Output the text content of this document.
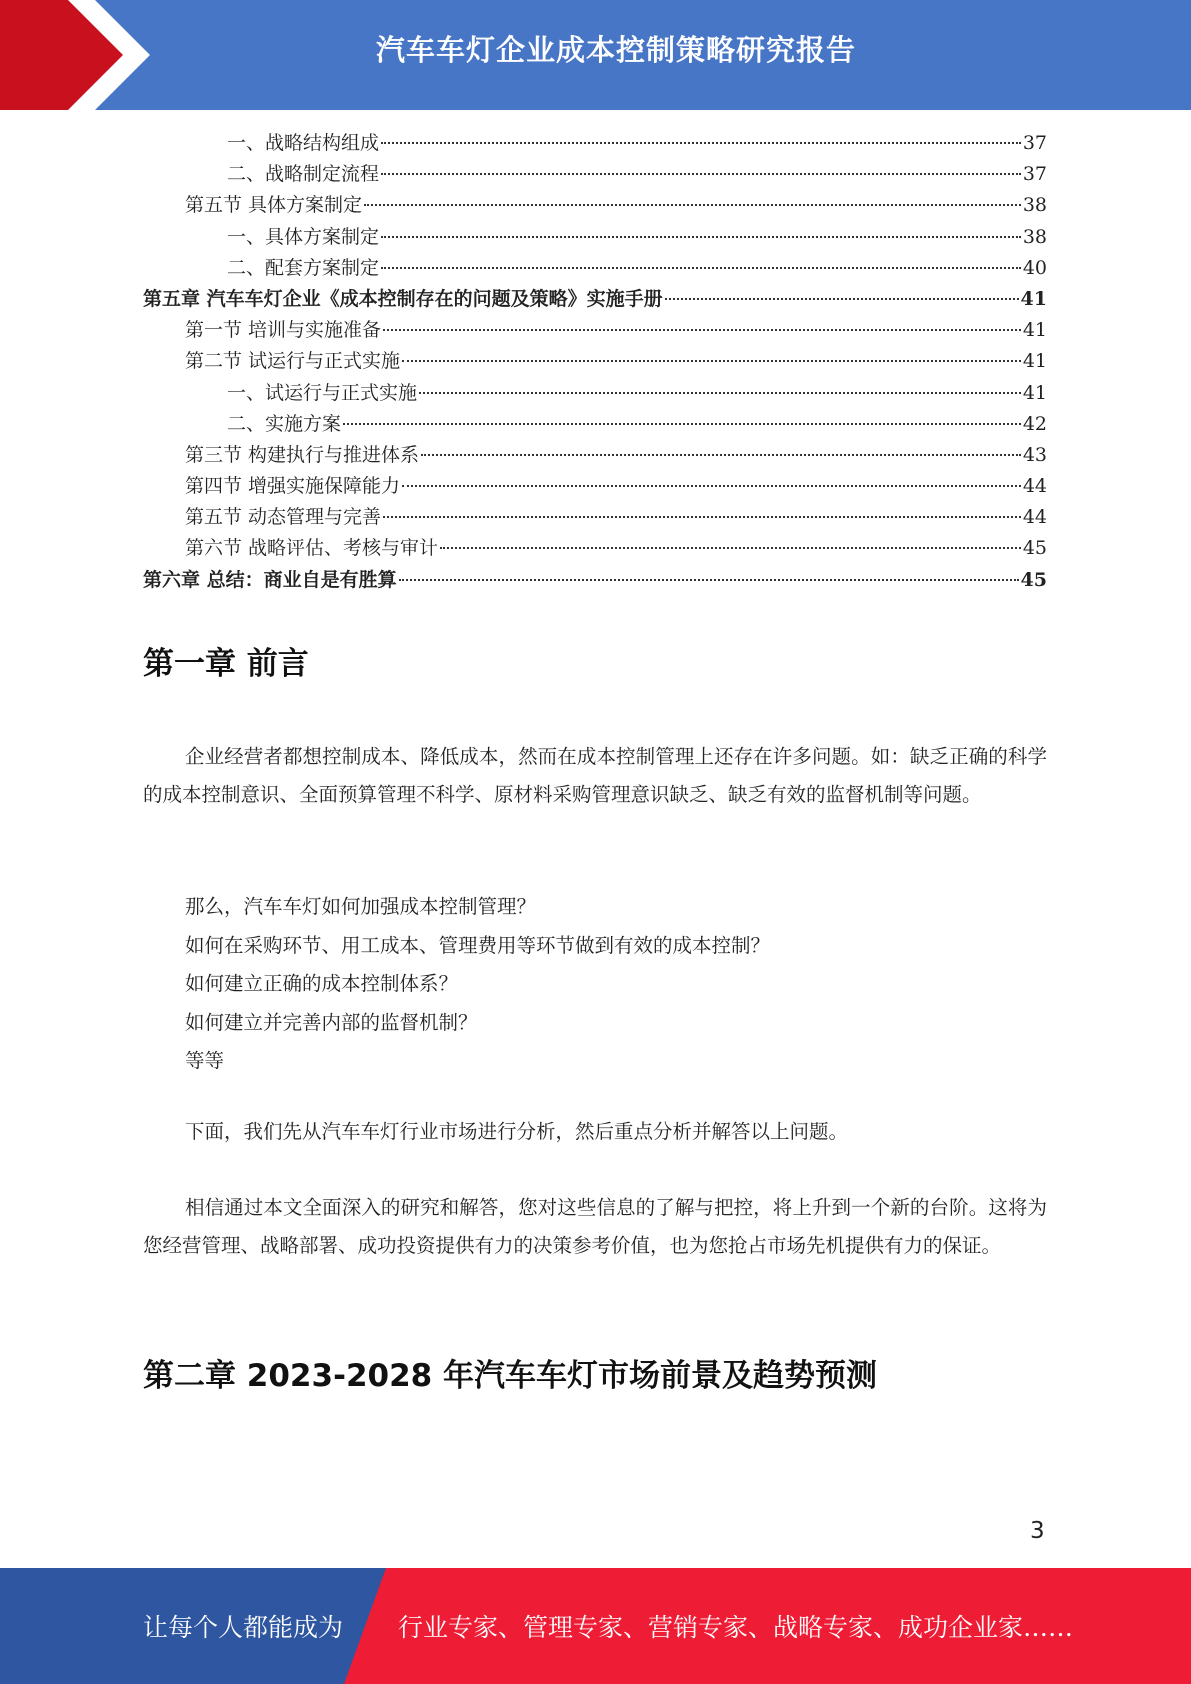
汽车车灯企业成本控制策略研究报告
一、战略结构组成	37
二、战略制定流程	37
第五节 具体方案制定	38
一、具体方案制定	38
二、配套方案制定	40
第五章 汽车车灯企业《成本控制存在的问题及策略》实施手册	41
第一节 培训与实施准备	41
第二节 试运行与正式实施	41
一、试运行与正式实施	41
二、实施方案	42
第三节 构建执行与推进体系	43
第四节 增强实施保障能力	44
第五节 动态管理与完善	44
第六节 战略评估、考核与审计	45
第六章 总结：商业自是有胜算	45
第一章 前言
企业经营者都想控制成本、降低成本，然而在成本控制管理上还存在许多问题。如：缺乏正确的科学的成本控制意识、全面预算管理不科学、原材料采购管理意识缺乏、缺乏有效的监督机制等问题。
那么，汽车车灯如何加强成本控制管理？
如何在采购环节、用工成本、管理费用等环节做到有效的成本控制？
如何建立正确的成本控制体系？
如何建立并完善内部的监督机制？
等等
下面，我们先从汽车车灯行业市场进行分析，然后重点分析并解答以上问题。
相信通过本文全面深入的研究和解答，您对这些信息的了解与把控，将上升到一个新的台阶。这将为您经营管理、战略部署、成功投资提供有力的决策参考价值，也为您抢占市场先机提供有力的保证。
第二章 2023-2028 年汽车车灯市场前景及趋势预测
3
让每个人都能成为 行业专家、管理专家、营销专家、战略专家、成功企业家……
